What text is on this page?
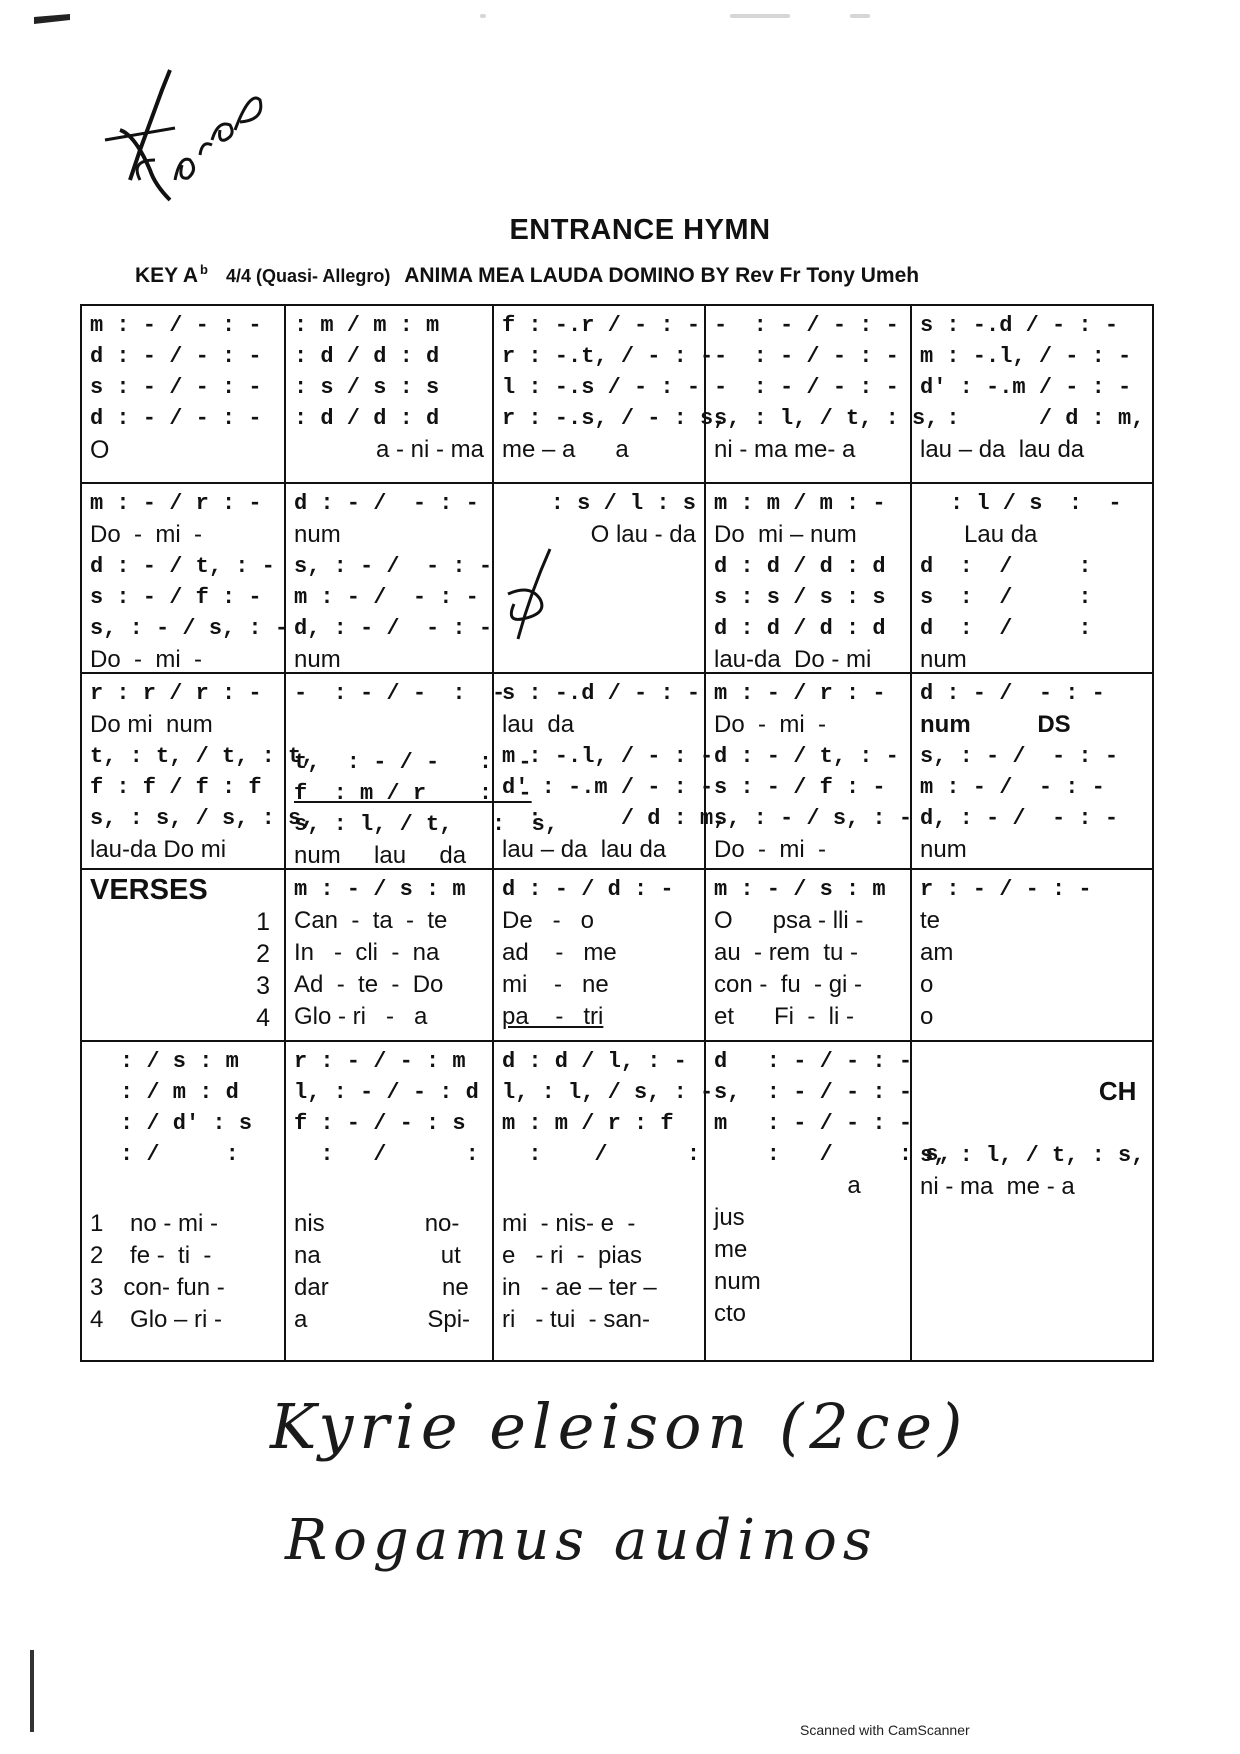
ENTRANCE HYMN
KEY A $^b$ 4/4 (Quasi- Allegro) ANIMA MEA LAUDA DOMINO BY Rev Fr Tony Umeh
m : - / - : -
d : - / - : -
s : - / - : -
d : - / - : -
O
: m / m : m
: d / d : d
: s / s : s
: d / d : d
a - ni - ma
f : -.r / - : -
r : -.t, / - : -
l : -.s / - : -
r : -.s, / - : s,
me – a      a
-  : - / - : -
-  : - / - : -
-  : - / - : -
s, : l, / t, : s,
ni - ma me- a
s : -.d / - : -
m : -.l, / - : -
d' : -.m / - : -
:      / d : m,
lau – da  lau da
m : - / r : -
Do  -  mi  -
d : - / t, : -
s : - / f : -
s, : - / s, : -
Do  -  mi  -
d : - /  - : -
num
s, : - /  - : -
m : - /  - : -
d, : - /  - : -
num
: s / l : s
O lau - da
m : m / m : -
Do  mi – num
d : d / d : d
s : s / s : s
d : d / d : d
lau-da  Do - mi
: l / s  :  -
Lau da
d  :  /     :
s  :  /     :
d  :  /     :
num
r : r / r : -
Do mi  num
t, : t, / t, : t,
f : f / f : f
s, : s, / s, : s,
lau-da Do mi
-  : - / -  :  -
t,  : - / -   :  -
f  : m / r    :  -
s, : l, / t,   :  s,
num     lau     da
s : -.d / - : -
lau  da
m : -.l, / - : -
d' : -.m / - : -
:      / d : m,
lau – da  lau da
m : - / r : -
Do  -  mi  -
d : - / t, : -
s : - / f : -
s, : - / s, : -
Do  -  mi  -
d : - /  - : -
num          DS
s, : - /  - : -
m : - /  - : -
d, : - /  - : -
num
VERSES
1
2
3
4
m : - / s : m
Can  -  ta  -  te
In   -  cli  -  na
Ad  -  te  -  Do
Glo - ri   -   a
d : - / d : -
De   -   o
ad    -   me
mi    -   ne
pa    -   tri
m : - / s : m
O      psa - lli -
au  - rem  tu -
con -  fu  - gi -
et      Fi  -  li -
r : - / - : -
te
am
o
o
: / s : m
: / m : d
: / d' : s
: /     :
1    no - mi -
2    fe -  ti  -
3   con- fun -
4    Glo – ri -
r : - / - : m
l, : - / - : d
f : - / - : s
:   /      :
nis               no-
na                  ut
dar                 ne
a                  Spi-
d : d / l, : -
l, : l, / s, : -
m : m / r : f
:    /      :
mi  - nis- e  -
e   - ri  -  pias
in   - ae – ter –
ri   - tui  - san-
d   : - / - : -
s,  : - / - : -
m   : - / - : -
:   /     : s,
a
jus
me
num
cto
CH
s, : l, / t, : s,
ni - ma  me - a
Kyrie eleison (2ce)
Rogamus audinos
Scanned with CamScanner
